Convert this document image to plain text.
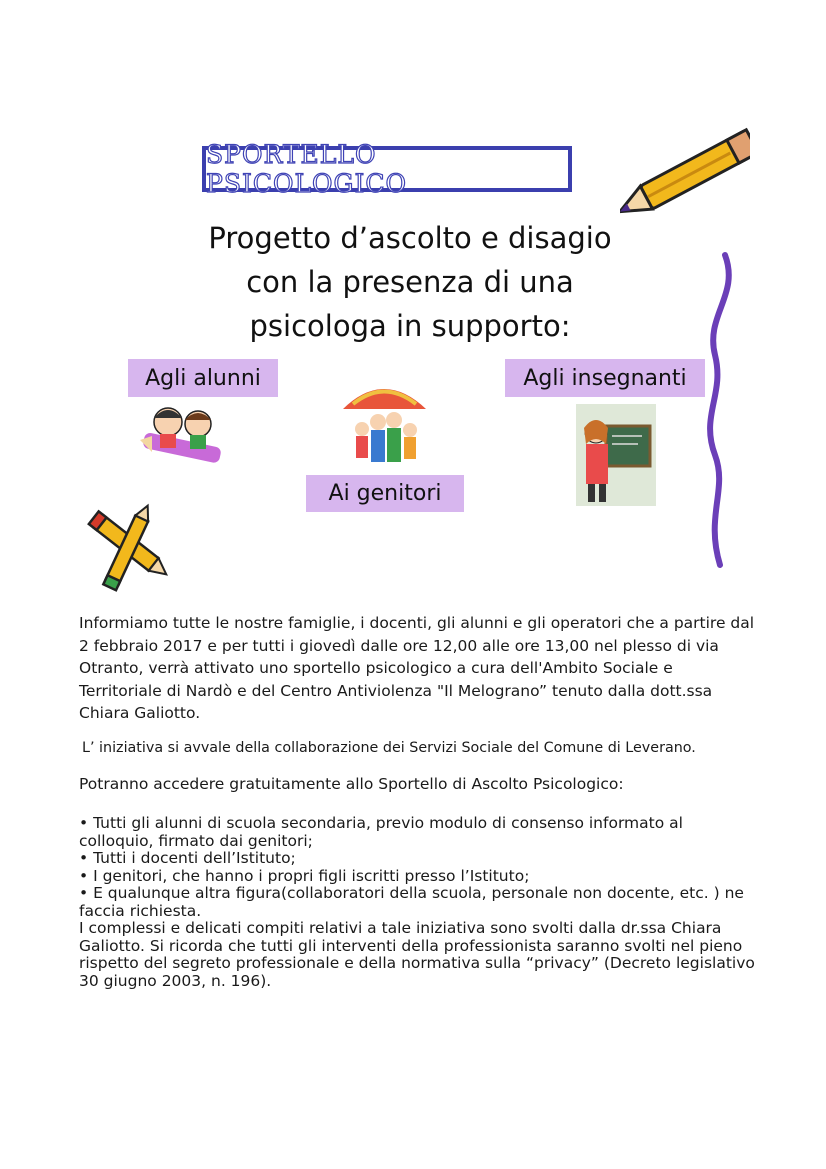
SPORTELLO PSICOLOGICO
Progetto d’ascolto e disagio
con la presenza di una
psicologa in supporto:
Agli alunni	Agli insegnanti
Ai genitori
Informiamo tutte le nostre famiglie, i docenti, gli alunni e gli operatori che a partire dal 2 febbraio 2017 e per tutti i giovedì dalle ore 12,00 alle ore 13,00 nel plesso di via Otranto, verrà attivato uno sportello psicologico a cura dell'Ambito Sociale e Territoriale di Nardò e del Centro Antiviolenza "Il Melograno” tenuto dalla dott.ssa Chiara Galiotto.
L’ iniziativa si avvale della collaborazione dei Servizi Sociale del Comune di Leverano.
Potranno accedere gratuitamente allo Sportello di Ascolto Psicologico:
• Tutti gli alunni di scuola secondaria, previo modulo di consenso informato al colloquio, firmato dai genitori;
• Tutti i docenti dell’Istituto;
• I genitori, che hanno i propri figli iscritti presso l’Istituto;
• E qualunque altra figura(collaboratori della scuola, personale non docente, etc. ) ne faccia richiesta.
I complessi e delicati compiti relativi a tale iniziativa sono svolti dalla dr.ssa Chiara Galiotto. Si ricorda che tutti gli interventi della professionista saranno svolti nel pieno rispetto del segreto professionale e della normativa sulla “privacy” (Decreto legislativo 30 giugno 2003, n. 196).
